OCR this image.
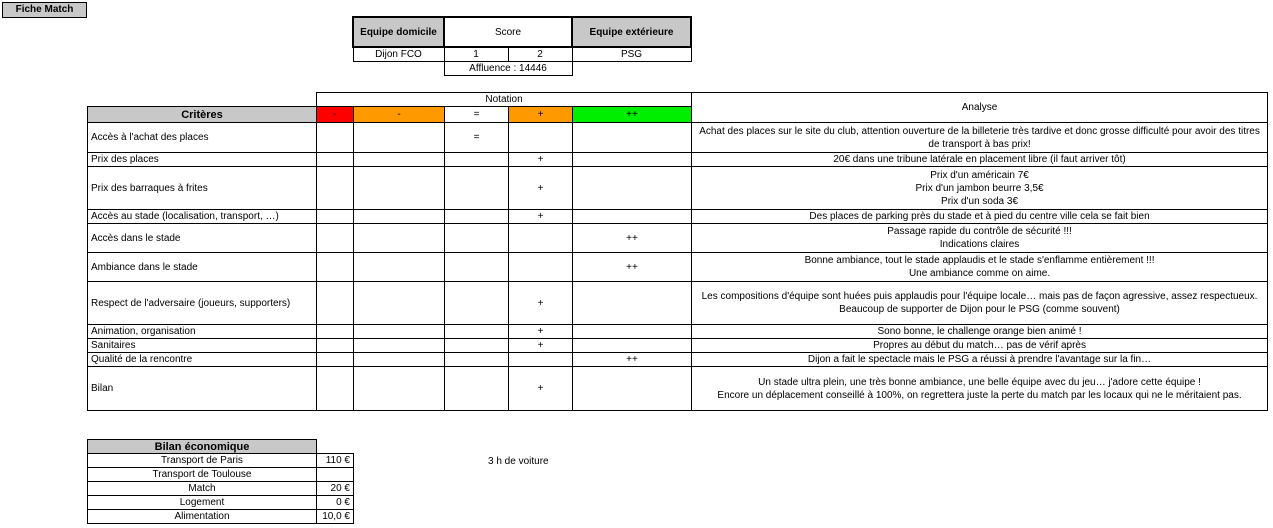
Fiche Match
Equipe domicile	Score		Equipe extérieure
Dijon FCO	1	2	PSG
	Affluence : 14446		
	Notation					Analyse
Critères	-	-	=	+	++	
Accès à l'achat des places			=			Achat des places sur le site du club, attention ouverture de la billeterie très tardive et donc grosse difficulté pour avoir des titres de transport à bas prix!

Prix des places				+		20€ dans une tribune latérale en placement libre (il faut arriver tôt)

Prix des barraques à frites				+		Prix d'un américain 7€
Prix d'un jambon beurre 3,5€
Prix d'un soda 3€

Accès au stade (localisation, transport, …)				+		Des places de parking près du stade et à pied du centre ville cela se fait bien

Accès dans le stade					++	Passage rapide du contrôle de sécurité !!!
Indications claires

Ambiance dans le stade					++	Bonne ambiance, tout le stade applaudis et le stade s'enflamme entièrement !!!
Une ambiance comme on aime.

Respect de l'adversaire (joueurs, supporters)				+		Les compositions d'équipe sont huées puis applaudis pour l'équipe locale… mais pas de façon agressive, assez respectueux.
Beaucoup de supporter de Dijon pour le PSG (comme souvent)

Animation, organisation				+		Sono bonne, le challenge orange bien animé !

Sanitaires				+		Propres au début du match… pas de vérif après

Qualité de la rencontre					++	Dijon a fait le spectacle mais le PSG a réussi à prendre l'avantage sur la fin…

Bilan				+		Un stade ultra plein, une très bonne ambiance, une belle équipe avec du jeu… j'adore cette équipe !
Encore un déplacement conseillé à 100%, on regrettera juste la perte du match par les locaux qui ne le méritaient pas.
Bilan économique	
Transport de Paris	110 €
Transport de Toulouse	
Match	20 €
Logement	0 €
Alimentation	10,0 €
3 h de voiture
